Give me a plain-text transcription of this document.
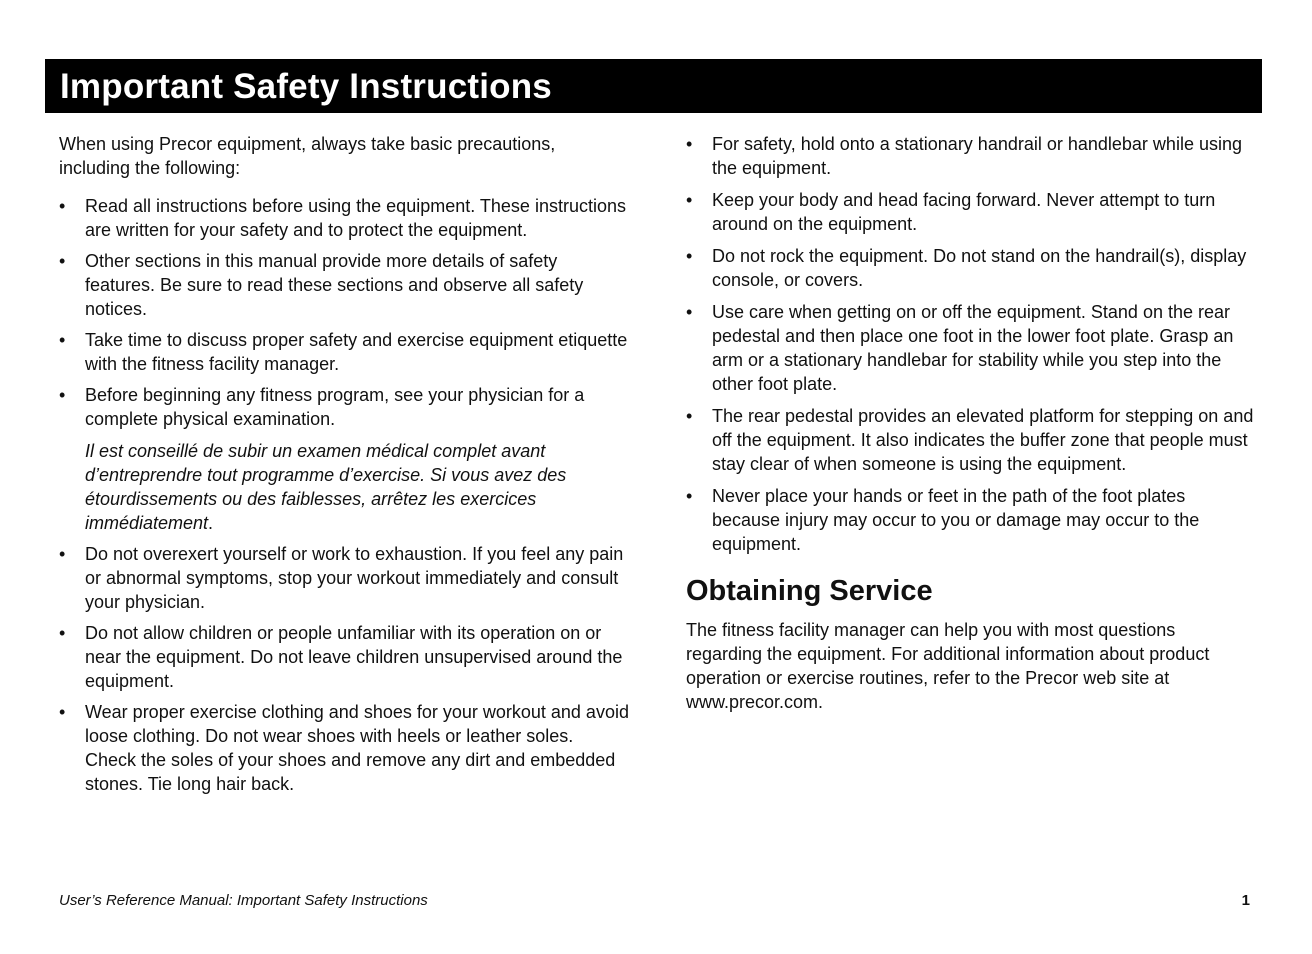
Important Safety Instructions

When using Precor equipment, always take basic precautions, including the following:

• Read all instructions before using the equipment. These instructions are written for your safety and to protect the equipment.

• Other sections in this manual provide more details of safety features. Be sure to read these sections and observe all safety notices.

• Take time to discuss proper safety and exercise equipment etiquette with the fitness facility manager.

• Before beginning any fitness program, see your physician for a complete physical examination.

Il est conseillé de subir un examen médical complet avant d’entreprendre tout programme d’exercise. Si vous avez des étourdissements ou des faiblesses, arrêtez les exercices immédiatement.

• Do not overexert yourself or work to exhaustion. If you feel any pain or abnormal symptoms, stop your workout immediately and consult your physician.

• Do not allow children or people unfamiliar with its operation on or near the equipment. Do not leave children unsupervised around the equipment.

• Wear proper exercise clothing and shoes for your workout and avoid loose clothing. Do not wear shoes with heels or leather soles. Check the soles of your shoes and remove any dirt and embedded stones. Tie long hair back.

• For safety, hold onto a stationary handrail or handlebar while using the equipment.

• Keep your body and head facing forward. Never attempt to turn around on the equipment.

• Do not rock the equipment. Do not stand on the handrail(s), display console, or covers.

• Use care when getting on or off the equipment. Stand on the rear pedestal and then place one foot in the lower foot plate. Grasp an arm or a stationary handlebar for stability while you step into the other foot plate.

• The rear pedestal provides an elevated platform for stepping on and off the equipment. It also indicates the buffer zone that people must stay clear of when someone is using the equipment.

• Never place your hands or feet in the path of the foot plates because injury may occur to you or damage may occur to the equipment.

Obtaining Service

The fitness facility manager can help you with most questions regarding the equipment. For additional information about product operation or exercise routines, refer to the Precor web site at www.precor.com.

User’s Reference Manual: Important Safety Instructions	1
